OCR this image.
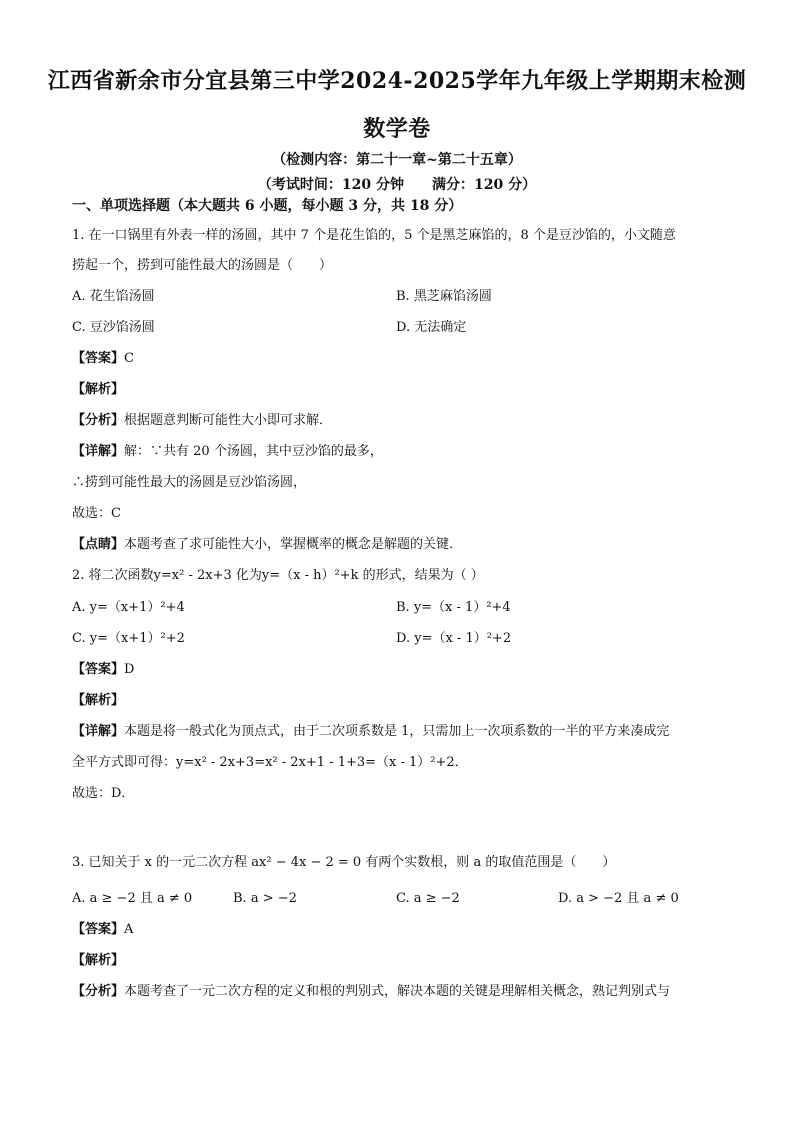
江西省新余市分宜县第三中学2024-2025学年九年级上学期期末检测
数学卷
（检测内容：第二十一章~第二十五章）
（考试时间：120 分钟　　满分：120 分）
一、单项选择题（本大题共 6 小题，每小题 3 分，共 18 分）
1. 在一口锅里有外表一样的汤圆，其中 7 个是花生馅的，5 个是黑芝麻馅的，8 个是豆沙馅的，小文随意
捞起一个，捞到可能性最大的汤圆是（　　）
A. 花生馅汤圆	B. 黑芝麻馅汤圆
C. 豆沙馅汤圆	D. 无法确定
【答案】C
【解析】
【分析】根据题意判断可能性大小即可求解．
【详解】解：∵共有 20 个汤圆，其中豆沙馅的最多，
∴捞到可能性最大的汤圆是豆沙馅汤圆，
故选：C
【点睛】本题考查了求可能性大小，掌握概率的概念是解题的关键．
2. 将二次函数y=x² - 2x+3 化为y=（x - h）²+k 的形式，结果为（ ）
A. y=（x+1）²+4	B. y=（x - 1）²+4
C. y=（x+1）²+2	D. y=（x - 1）²+2
【答案】D
【解析】
【详解】本题是将一般式化为顶点式，由于二次项系数是 1，只需加上一次项系数的一半的平方来凑成完
全平方式即可得：y=x² - 2x+3=x² - 2x+1 - 1+3=（x - 1）²+2．
故选：D．
3. 已知关于 x 的一元二次方程 ax² − 4x − 2 = 0 有两个实数根，则 a 的取值范围是（　　）
A. a ≥ −2 且 a ≠ 0	B. a > −2	C. a ≥ −2	D. a > −2 且 a ≠ 0
【答案】A
【解析】
【分析】本题考查了一元二次方程的定义和根的判别式，解决本题的关键是理解相关概念，熟记判别式与
